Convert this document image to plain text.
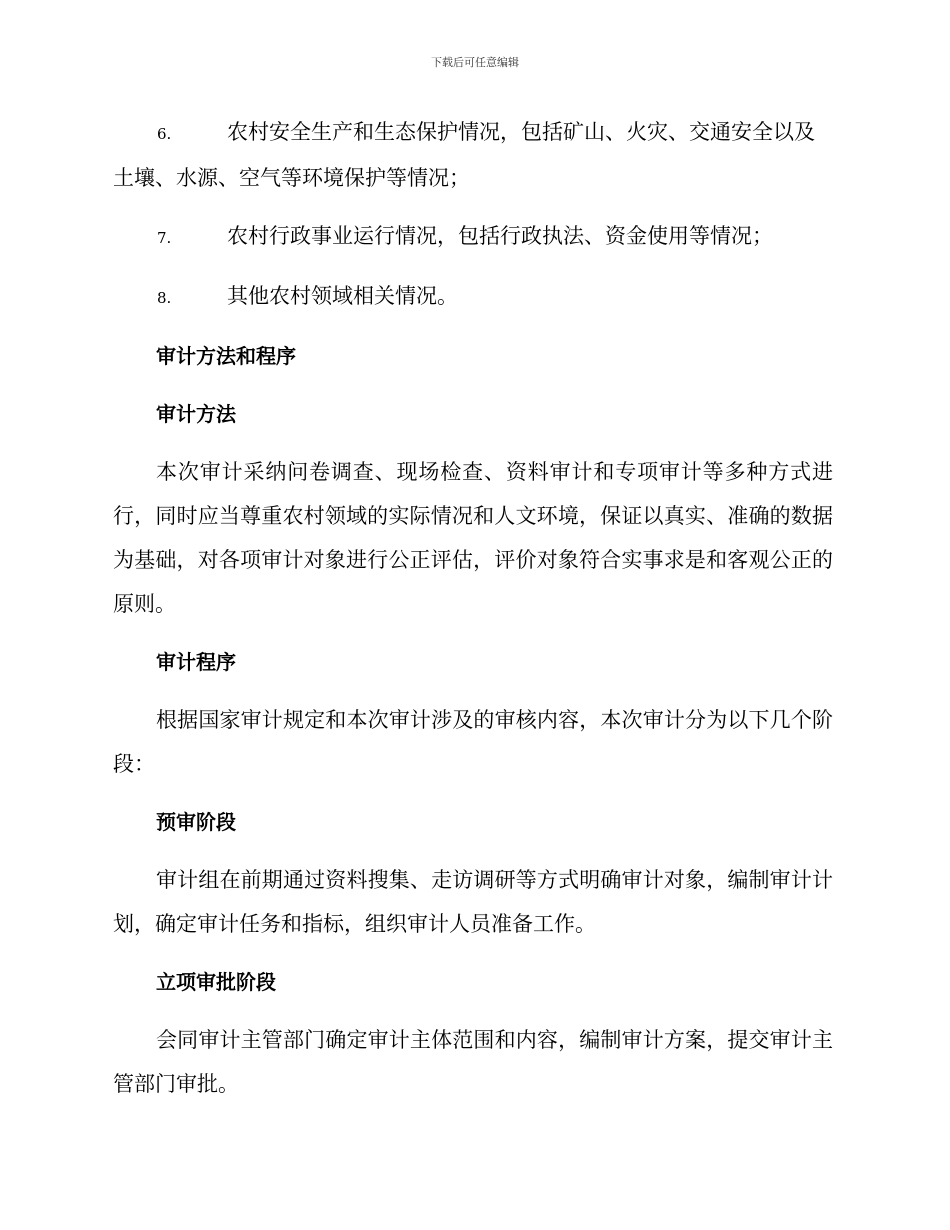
下载后可任意编辑
6.	农村安全生产和生态保护情况，包括矿山、火灾、交通安全以及
土壤、水源、空气等环境保护等情况；
7.	农村行政事业运行情况，包括行政执法、资金使用等情况；
8.	其他农村领域相关情况。
审计方法和程序
审计方法
本次审计采纳问卷调查、现场检查、资料审计和专项审计等多种方式进行，同时应当尊重农村领域的实际情况和人文环境，保证以真实、准确的数据为基础，对各项审计对象进行公正评估，评价对象符合实事求是和客观公正的原则。
审计程序
根据国家审计规定和本次审计涉及的审核内容，本次审计分为以下几个阶段：
预审阶段
审计组在前期通过资料搜集、走访调研等方式明确审计对象，编制审计计划，确定审计任务和指标，组织审计人员准备工作。
立项审批阶段
会同审计主管部门确定审计主体范围和内容，编制审计方案，提交审计主管部门审批。
